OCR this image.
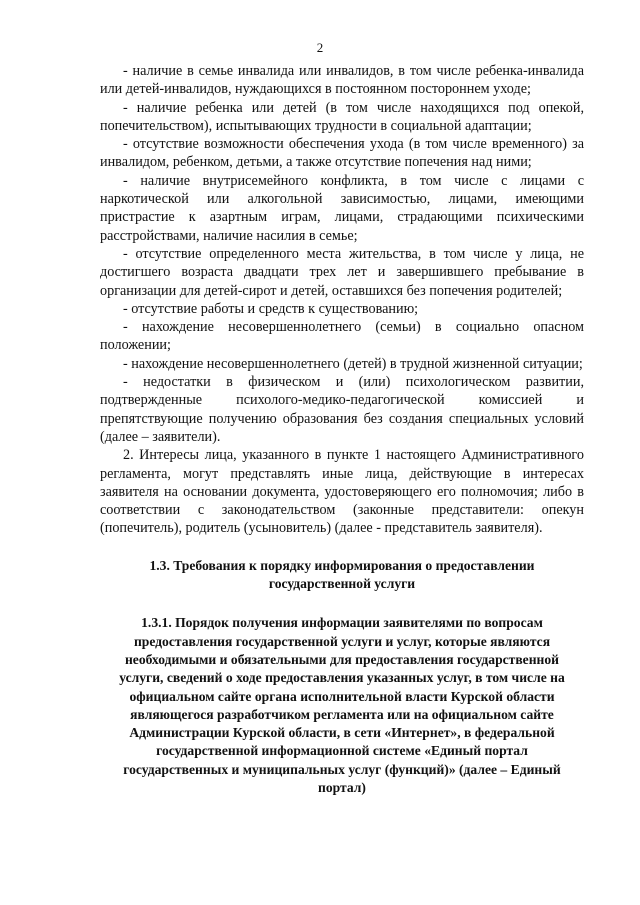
2

- наличие в семье инвалида или инвалидов, в том числе ребенка-инвалида или детей-инвалидов, нуждающихся в постоянном постороннем уходе;

- наличие ребенка или детей (в том числе находящихся под опекой, попечительством), испытывающих трудности в социальной адаптации;

- отсутствие возможности обеспечения ухода (в том числе временного) за инвалидом, ребенком, детьми, а также отсутствие попечения над ними;

- наличие внутрисемейного конфликта, в том числе с лицами с наркотической или алкогольной зависимостью, лицами, имеющими пристрастие к азартным играм, лицами, страдающими психическими расстройствами, наличие насилия в семье;

- отсутствие определенного места жительства, в том числе у лица, не достигшего возраста двадцати трех лет и завершившего пребывание в организации для детей-сирот и детей, оставшихся без попечения родителей;

- отсутствие работы и средств к существованию;

- нахождение несовершеннолетнего (семьи) в социально опасном положении;

- нахождение несовершеннолетнего (детей) в трудной жизненной ситуации;

- недостатки в физическом и (или) психологическом развитии, подтвержденные психолого-медико-педагогической комиссией и препятствующие получению образования без создания специальных условий (далее – заявители).

2. Интересы лица, указанного в пункте 1 настоящего Административного регламента, могут представлять иные лица, действующие в интересах заявителя на основании документа, удостоверяющего его полномочия; либо в соответствии с законодательством (законные представители: опекун (попечитель), родитель (усыновитель) (далее - представитель заявителя).

1.3. Требования к порядку информирования о предоставлении государственной услуги

1.3.1. Порядок получения информации заявителями по вопросам предоставления государственной услуги и услуг, которые являются необходимыми и обязательными для предоставления государственной услуги, сведений о ходе предоставления указанных услуг, в том числе на официальном сайте органа исполнительной власти Курской области являющегося разработчиком регламента или на официальном сайте Администрации Курской области, в сети «Интернет», в федеральной государственной информационной системе «Единый портал государственных и муниципальных услуг (функций)» (далее – Единый портал)
